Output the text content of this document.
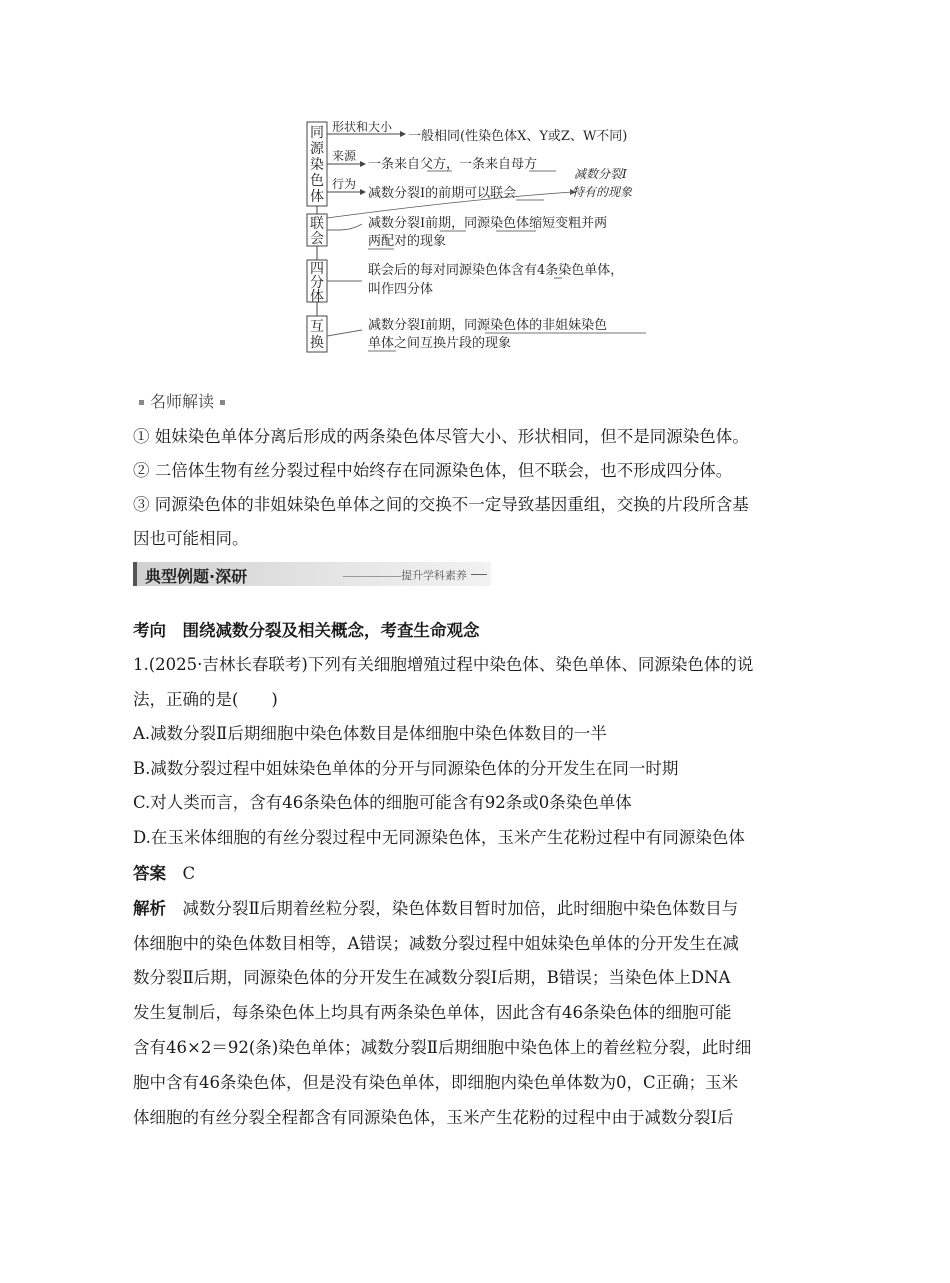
同
源
染
色
体
形状和大小
一般相同(性染色体X、Y或Z、W不同)
来源
一条来自父方，一条来自母方
行为
减数分裂Ⅰ的前期可以联会
减数分裂Ⅰ
特有的现象
联
会
减数分裂Ⅰ前期，同源染色体缩短变粗并两
两配对的现象
四
分
体
联会后的每对同源染色体含有4条染色单体，
叫作四分体
互
换
减数分裂Ⅰ前期，同源染色体的非姐妹染色
单体之间互换片段的现象
名师解读
① 姐妹染色单体分离后形成的两条染色体尽管大小、形状相同，但不是同源染色体。
② 二倍体生物有丝分裂过程中始终存在同源染色体，但不联会，也不形成四分体。
③ 同源染色体的非姐妹染色单体之间的交换不一定导致基因重组，交换的片段所含基
因也可能相同。
典型例题·深研	提升学科素养
考向　围绕减数分裂及相关概念，考查生命观念
1.(2025·吉林长春联考)下列有关细胞增殖过程中染色体、染色单体、同源染色体的说
法，正确的是(　　)
A.减数分裂Ⅱ后期细胞中染色体数目是体细胞中染色体数目的一半
B.减数分裂过程中姐妹染色单体的分开与同源染色体的分开发生在同一时期
C.对人类而言，含有46条染色体的细胞可能含有92条或0条染色单体
D.在玉米体细胞的有丝分裂过程中无同源染色体，玉米产生花粉过程中有同源染色体
答案　 C
解析　 减数分裂Ⅱ后期着丝粒分裂，染色体数目暂时加倍，此时细胞中染色体数目与
体细胞中的染色体数目相等，A错误；减数分裂过程中姐妹染色单体的分开发生在减
数分裂Ⅱ后期，同源染色体的分开发生在减数分裂Ⅰ后期，B错误；当染色体上DNA
发生复制后，每条染色体上均具有两条染色单体，因此含有46条染色体的细胞可能
含有46×2＝92(条)染色单体；减数分裂Ⅱ后期细胞中染色体上的着丝粒分裂，此时细
胞中含有46条染色体，但是没有染色单体，即细胞内染色单体数为0，C正确；玉米
体细胞的有丝分裂全程都含有同源染色体，玉米产生花粉的过程中由于减数分裂Ⅰ后
